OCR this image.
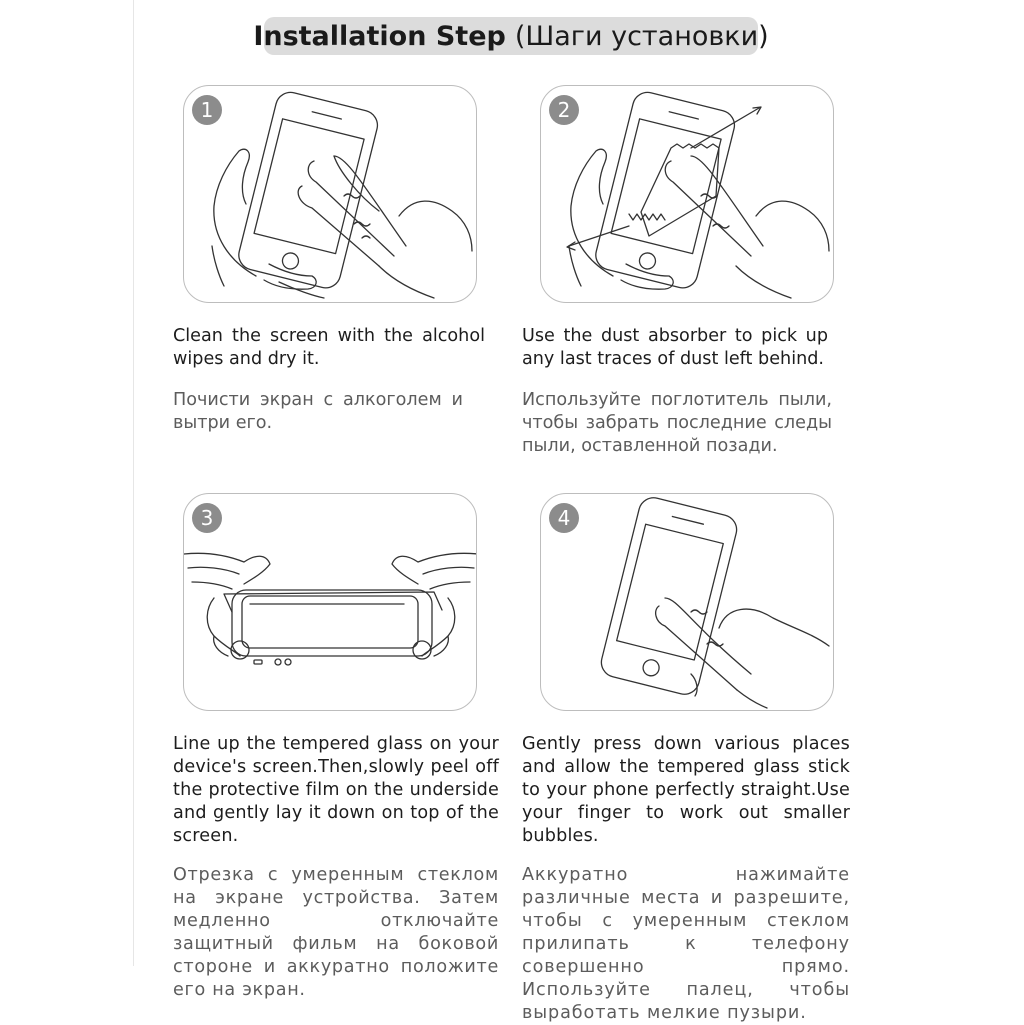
Installation Step (Шаги установки)
1
Clean the screen with the alcohol wipes and dry it.
Почисти экран с алкоголем и вытри его.
2
Use the dust absorber to pick up any last traces of dust left behind.
Используйте поглотитель пыли, чтобы забрать последние следы пыли, оставленной позади.
3
Line up the tempered glass on your device's screen.Then,slowly peel off the protective film on the underside and gently lay it down on top of the screen.
Отрезка с умеренным стеклом на экране устройства. Затем медленно отключайте защитный фильм на боковой стороне и аккуратно положите его на экран.
4
Gently press down various places and allow the tempered glass stick to your phone perfectly straight.Use your finger to work out smaller bubbles.
Аккуратно нажимайте различные места и разрешите, чтобы с умеренным стеклом прилипать к телефону совершенно прямо. Используйте палец, чтобы выработать мелкие пузыри.
